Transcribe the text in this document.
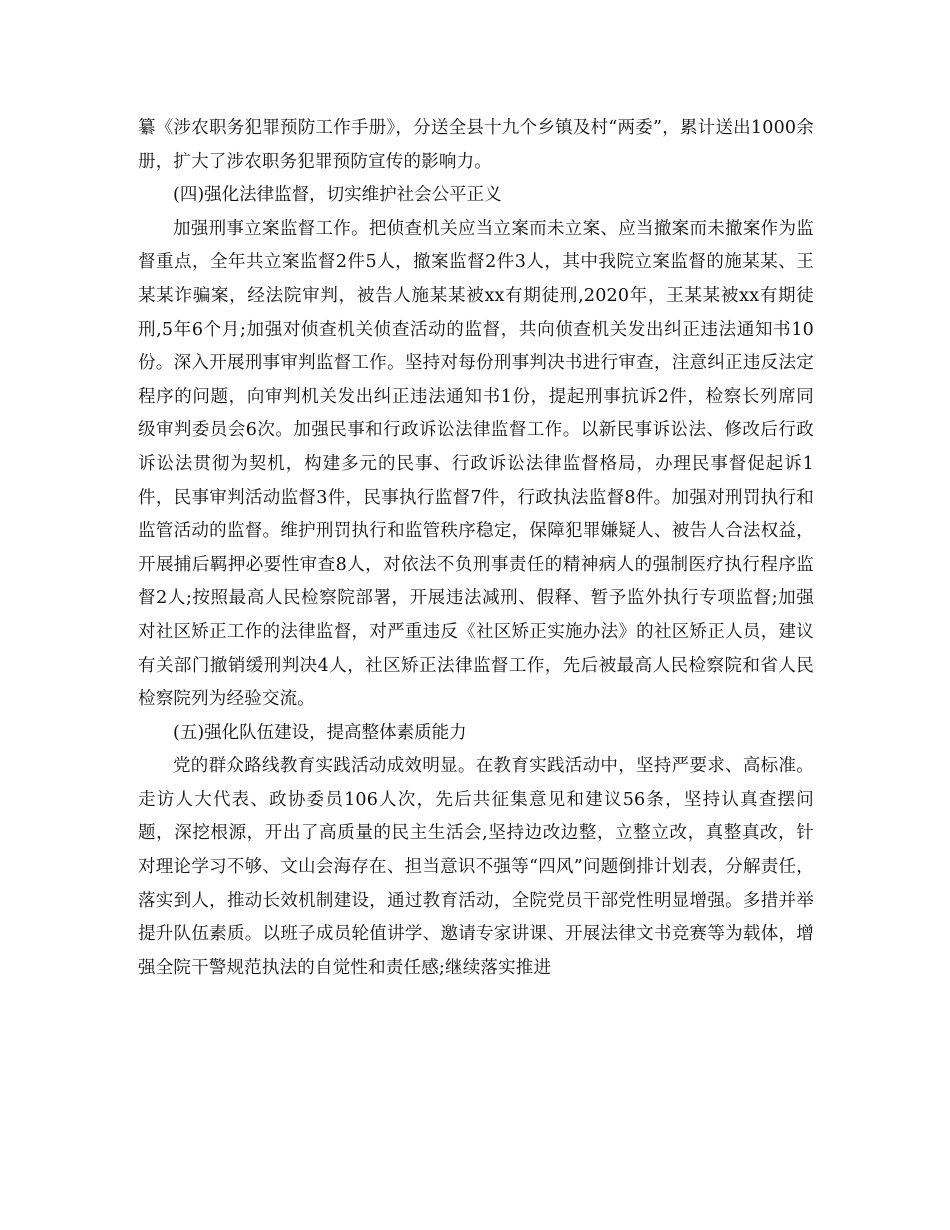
纂《涉农职务犯罪预防工作手册》，分送全县十九个乡镇及村“两委”，累计送出1000余册，扩大了涉农职务犯罪预防宣传的影响力。

(四)强化法律监督，切实维护社会公平正义

加强刑事立案监督工作。把侦查机关应当立案而未立案、应当撤案而未撤案作为监督重点，全年共立案监督2件5人，撤案监督2件3人，其中我院立案监督的施某某、王某某诈骗案，经法院审判，被告人施某某被xx有期徒刑,2020年，王某某被xx有期徒刑,5年6个月;加强对侦查机关侦查活动的监督，共向侦查机关发出纠正违法通知书10份。深入开展刑事审判监督工作。坚持对每份刑事判决书进行审查，注意纠正违反法定程序的问题，向审判机关发出纠正违法通知书1份，提起刑事抗诉2件，检察长列席同级审判委员会6次。加强民事和行政诉讼法律监督工作。以新民事诉讼法、修改后行政诉讼法贯彻为契机，构建多元的民事、行政诉讼法律监督格局，办理民事督促起诉1件，民事审判活动监督3件，民事执行监督7件，行政执法监督8件。加强对刑罚执行和监管活动的监督。维护刑罚执行和监管秩序稳定，保障犯罪嫌疑人、被告人合法权益，开展捕后羁押必要性审查8人，对依法不负刑事责任的精神病人的强制医疗执行程序监督2人;按照最高人民检察院部署，开展违法减刑、假释、暂予监外执行专项监督;加强对社区矫正工作的法律监督，对严重违反《社区矫正实施办法》的社区矫正人员，建议有关部门撤销缓刑判决4人，社区矫正法律监督工作，先后被最高人民检察院和省人民检察院列为经验交流。

(五)强化队伍建设，提高整体素质能力

党的群众路线教育实践活动成效明显。在教育实践活动中，坚持严要求、高标准。走访人大代表、政协委员106人次，先后共征集意见和建议56条，坚持认真查摆问题，深挖根源，开出了高质量的民主生活会,坚持边改边整，立整立改，真整真改，针对理论学习不够、文山会海存在、担当意识不强等“四风”问题倒排计划表，分解责任，落实到人，推动长效机制建设，通过教育活动，全院党员干部党性明显增强。多措并举提升队伍素质。以班子成员轮值讲学、邀请专家讲课、开展法律文书竞赛等为载体，增强全院干警规范执法的自觉性和责任感;继续落实推进
